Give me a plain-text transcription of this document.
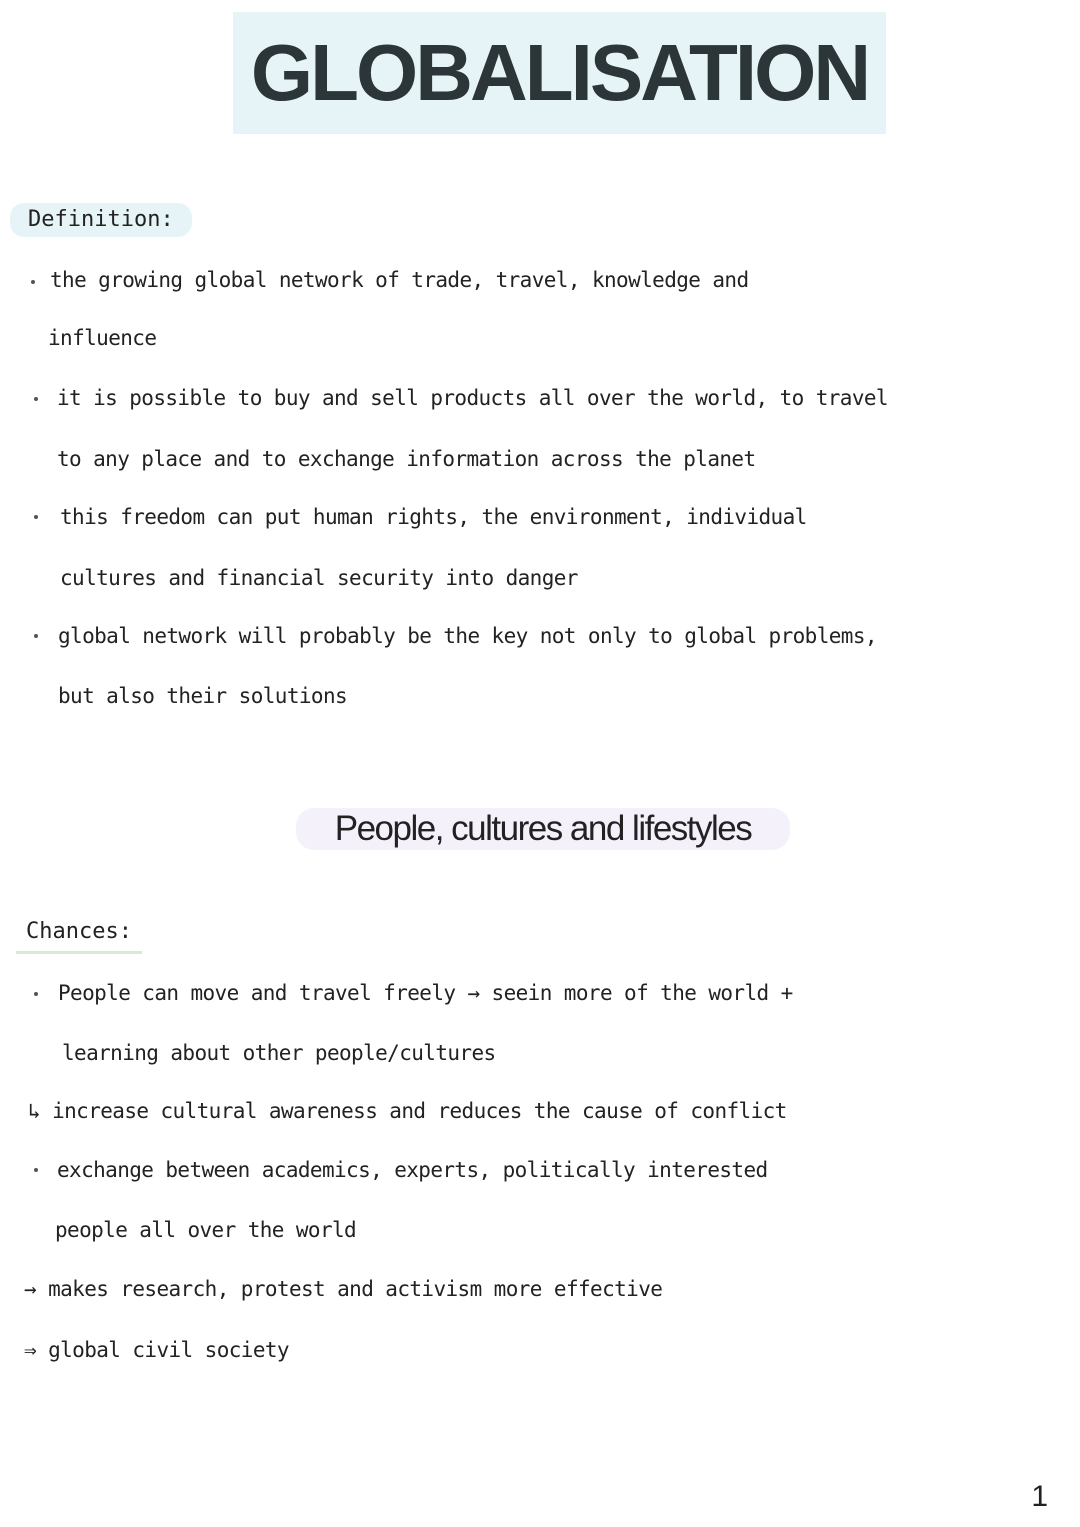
GLOBALISATION
Definition:
the growing global network of trade, travel, knowledge and
influence
it is possible to buy and sell products all over the world, to travel
to any place and to exchange information across the planet
this freedom can put human rights, the environment, individual
cultures and financial security into danger
global network will probably be the key not only to global problems,
but also their solutions
People, cultures and lifestyles
Chances:
People can move and travel freely → seein more of the world +
learning about other people/cultures
↳ increase cultural awareness and reduces the cause of conflict
exchange between academics, experts, politically interested
people all over the world
→ makes research, protest and activism more effective
⇒ global civil society
1
